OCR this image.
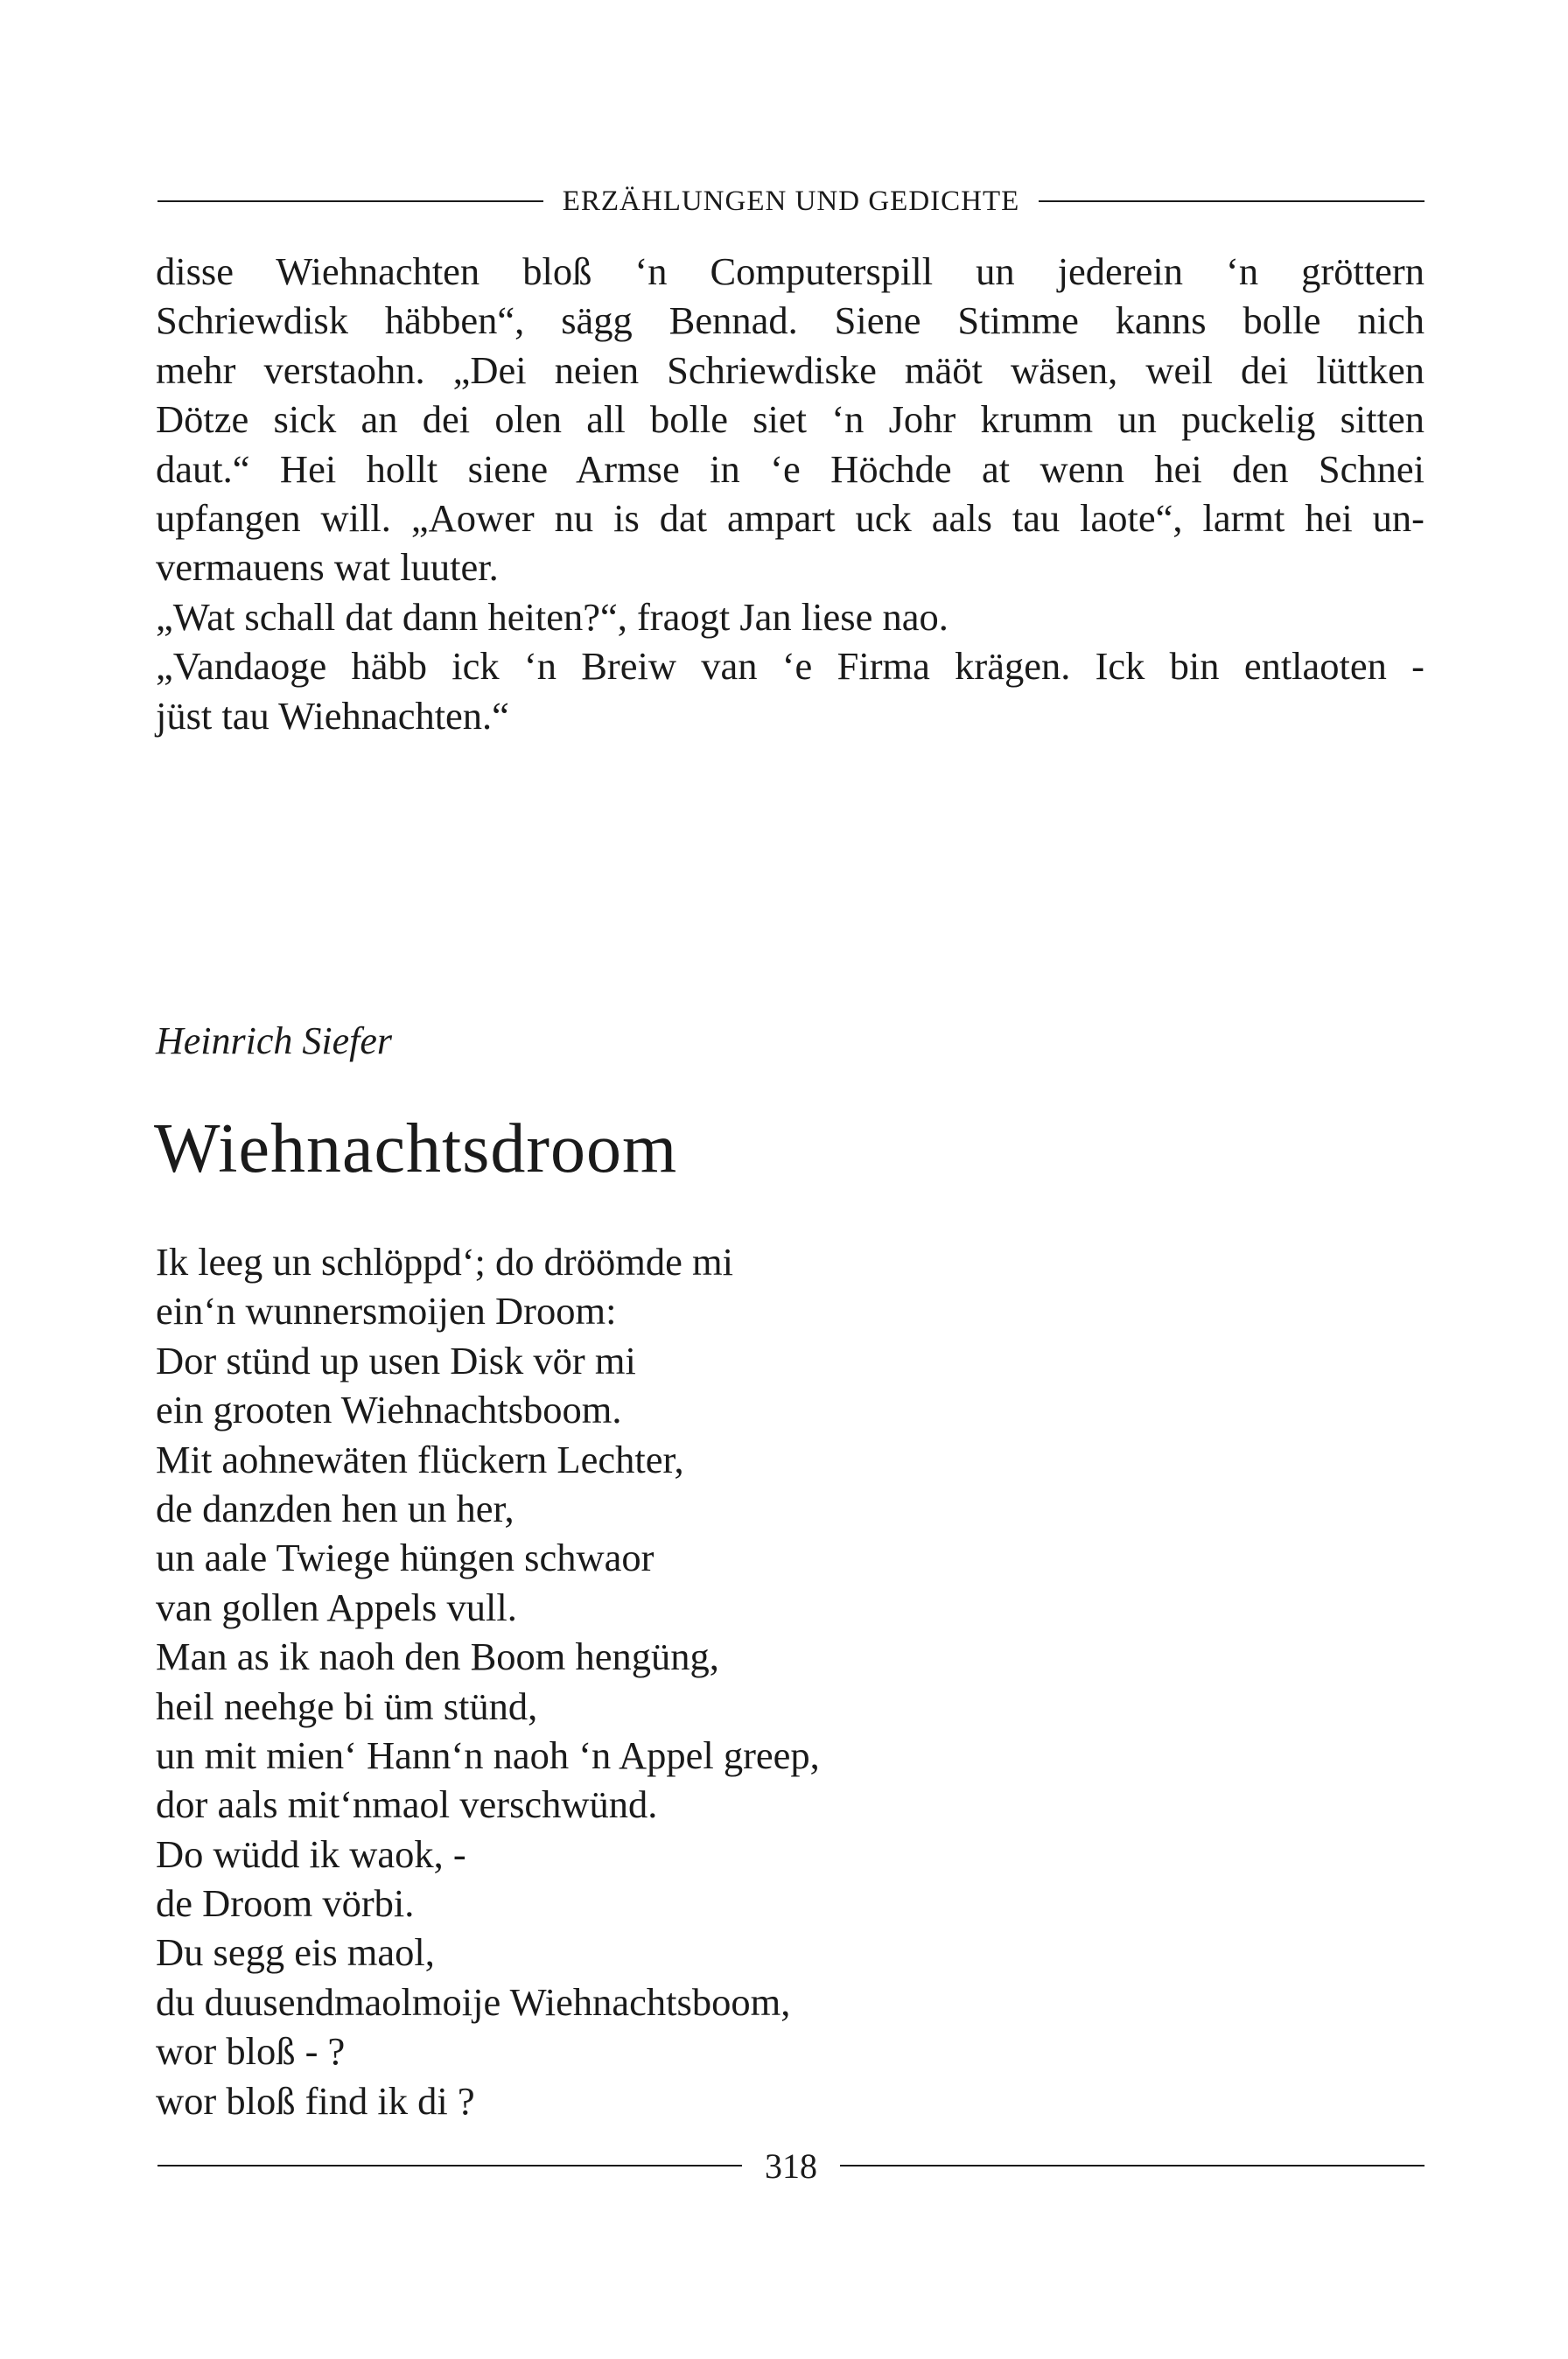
ERZÄHLUNGEN UND GEDICHTE
disse Wiehnachten bloß ‘n Computerspill un jederein ‘n gröttern
Schriewdisk häbben“, sägg Bennad. Siene Stimme kanns bolle nich
mehr verstaohn. „Dei neien Schriewdiske mäöt wäsen, weil dei lüttken
Dötze sick an dei olen all bolle siet ‘n Johr krumm un puckelig sitten
daut.“ Hei hollt siene Armse in ‘e Höchde at wenn hei den Schnei
upfangen will. „Aower nu is dat ampart uck aals tau laote“, larmt hei un-
vermauens wat luuter.
„Wat schall dat dann heiten?“, fraogt Jan liese nao.
„Vandaoge häbb ick ‘n Breiw van ‘e Firma krägen. Ick bin entlaoten -
jüst tau Wiehnachten.“
Heinrich Siefer
Wiehnachtsdroom
Ik leeg un schlöppd‘; do dröömde mi
ein‘n wunnersmoijen Droom:
Dor stünd up usen Disk vör mi
ein grooten Wiehnachtsboom.
Mit aohnewäten flückern Lechter,
de danzden hen un her,
un aale Twiege hüngen schwaor
van gollen Appels vull.
Man as ik naoh den Boom hengüng,
heil neehge bi üm stünd,
un mit mien‘ Hann‘n naoh ‘n Appel greep,
dor aals mit‘nmaol verschwünd.
Do wüdd ik waok, -
de Droom vörbi.
Du segg eis maol,
du duusendmaolmoije Wiehnachtsboom,
wor bloß - ?
wor bloß find ik di ?
318
